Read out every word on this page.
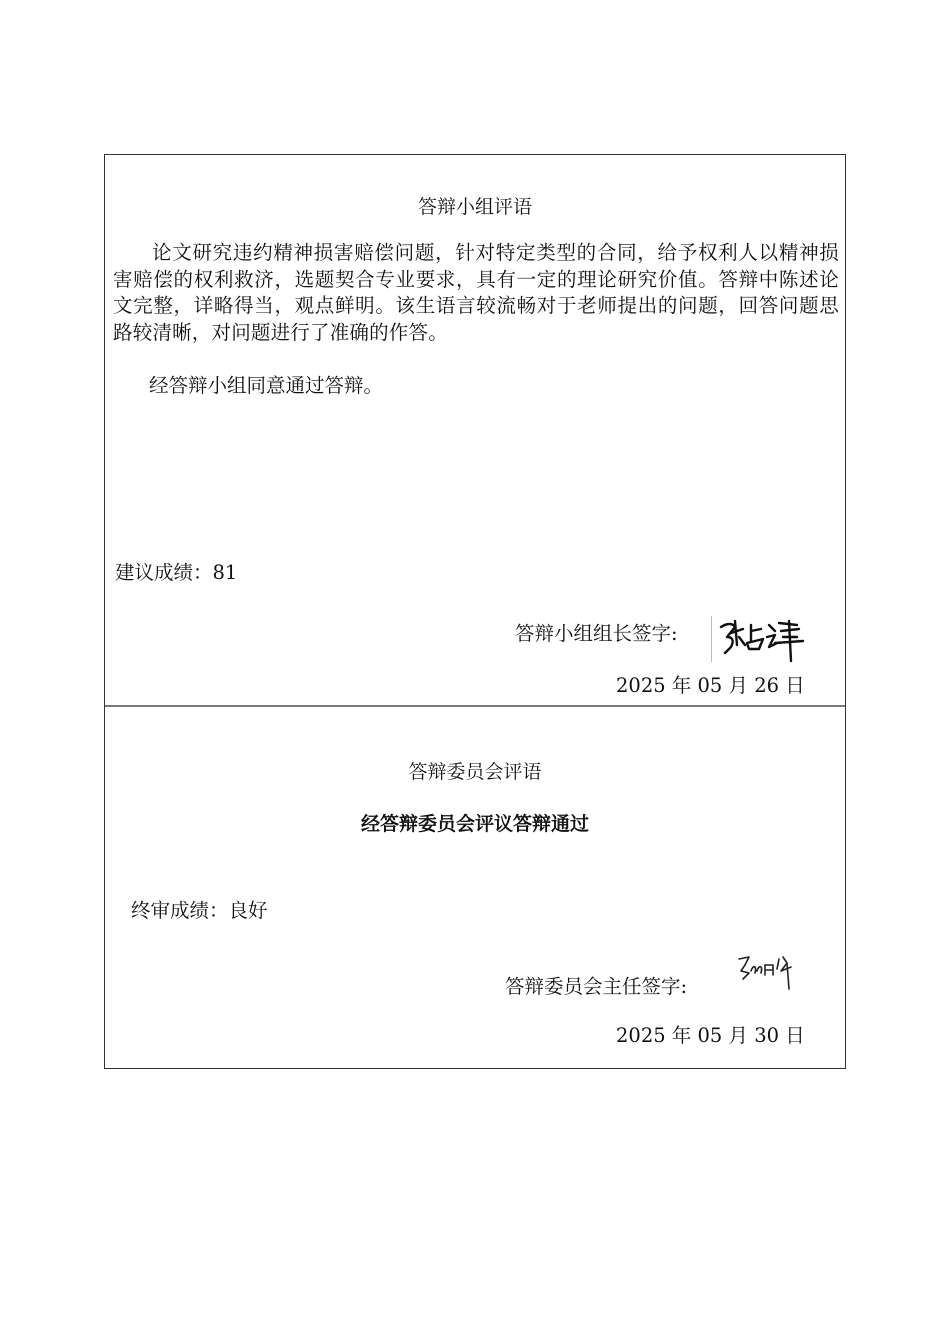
答辩小组评语
论文研究违约精神损害赔偿问题，针对特定类型的合同，给予权利人以精神损害赔偿的权利救济，选题契合专业要求，具有一定的理论研究价值。答辩中陈述论文完整，详略得当，观点鲜明。该生语言较流畅对于老师提出的问题，回答问题思路较清晰，对问题进行了准确的作答。
经答辩小组同意通过答辩。
建议成绩：81
答辩小组组长签字:
2025 年 05 月 26 日
答辩委员会评语
经答辩委员会评议答辩通过
终审成绩：良好
答辩委员会主任签字:
2025 年 05 月 30 日
